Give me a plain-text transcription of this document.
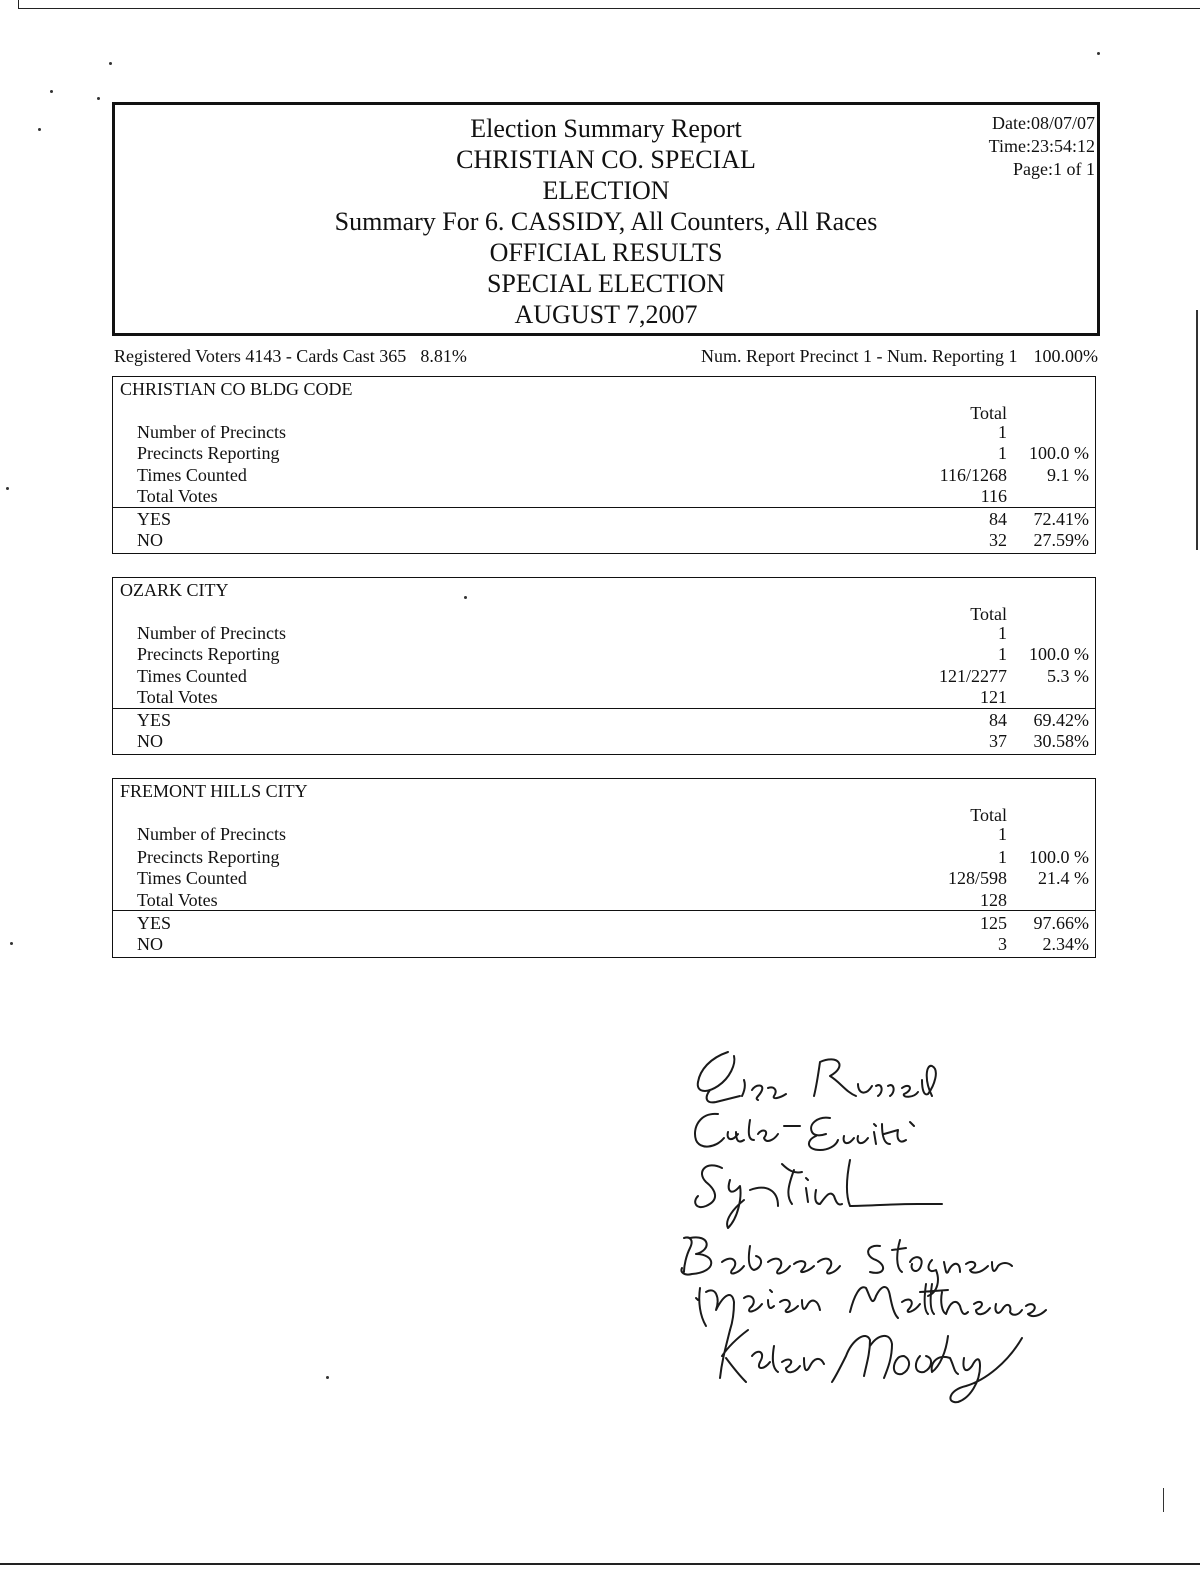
Election Summary Report
CHRISTIAN CO. SPECIAL
ELECTION
Summary For 6. CASSIDY, All Counters, All Races
OFFICIAL RESULTS
SPECIAL ELECTION
AUGUST 7,2007
Date:08/07/07
Time:23:54:12
Page:1 of 1
Registered Voters 4143 - Cards Cast 365 8.81%	Num. Report Precinct 1 - Num. Reporting 1 100.00%
CHRISTIAN CO BLDG CODE
Total
Number of Precincts	1
Precincts Reporting	1 100.0 %
Times Counted	116/1268 9.1 %
Total Votes	116
YES	84 72.41%
NO	32 27.59%
OZARK CITY
Total
Number of Precincts	1
Precincts Reporting	1 100.0 %
Times Counted	121/2277 5.3 %
Total Votes	121
YES	84 69.42%
NO	37 30.58%
FREMONT HILLS CITY
Total
Number of Precincts	1
Precincts Reporting	1 100.0 %
Times Counted	128/598 21.4 %
Total Votes	128
YES	125 97.66%
NO	3 2.34%
